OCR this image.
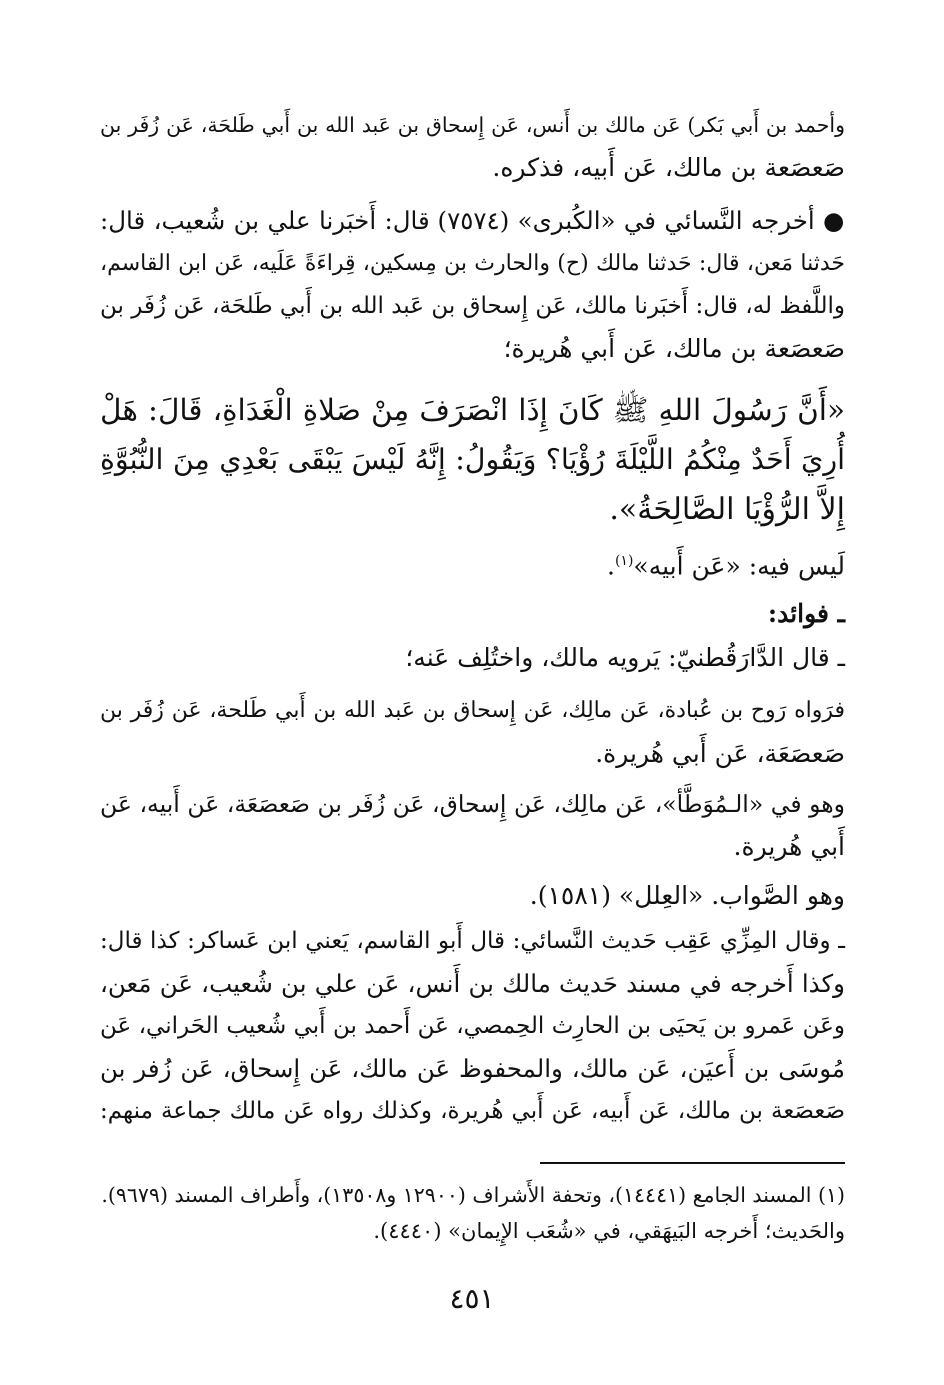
وأحمد بن أَبي بَكر) عَن مالك بن أَنس، عَن إِسحاق بن عَبد الله بن أَبي طَلحَة، عَن زُفَر بن
صَعصَعة بن مالك، عَن أَبيه، فذكره.
● أخرجه النَّسائي في «الكُبرى» (٧٥٧٤) قال: أَخبَرنا علي بن شُعيب، قال:
حَدثنا مَعن، قال: حَدثنا مالك (ح) والحارث بن مِسكين، قِراءَةً عَلَيه، عَن ابن القاسم،
واللَّفظ له، قال: أَخبَرنا مالك، عَن إِسحاق بن عَبد الله بن أَبي طَلحَة، عَن زُفَر بن
صَعصَعة بن مالك، عَن أَبي هُريرة؛
«أَنَّ رَسُولَ اللهِ ﷺ كَانَ إِذَا انْصَرَفَ مِنْ صَلاةِ الْغَدَاةِ، قَالَ: هَلْ
أُرِيَ أَحَدٌ مِنْكُمُ اللَّيْلَةَ رُؤْيَا؟ وَيَقُولُ: إِنَّهُ لَيْسَ يَبْقَى بَعْدِي مِنَ النُّبُوَّةِ
إِلاَّ الرُّؤْيَا الصَّالِحَةُ».
لَيس فيه: «عَن أَبيه»$^{(١)}$.
ـ فوائد:
ـ قال الدَّارَقُطنيّ: يَرويه مالك، واختُلِف عَنه؛
فرَواه رَوح بن عُبادة، عَن مالِك، عَن إِسحاق بن عَبد الله بن أَبي طَلحة، عَن زُفَر بن
صَعصَعَة، عَن أَبي هُريرة.
وهو في «الـمُوَطَّأ»، عَن مالِك، عَن إِسحاق، عَن زُفَر بن صَعصَعَة، عَن أَبيه، عَن
أَبي هُريرة.
وهو الصَّواب. «العِلل» (١٥٨١).
ـ وقال المِزِّي عَقِب حَديث النَّسائي: قال أَبو القاسم، يَعني ابن عَساكر: كذا قال:
وكذا أَخرجه في مسند حَديث مالك بن أَنس، عَن علي بن شُعيب، عَن مَعن،
وعَن عَمرو بن يَحيَى بن الحارِث الحِمصي، عَن أَحمد بن أَبي شُعيب الحَراني، عَن
مُوسَى بن أَعيَن، عَن مالك، والمحفوظ عَن مالك، عَن إِسحاق، عَن زُفر بن
صَعصَعة بن مالك، عَن أَبيه، عَن أَبي هُريرة، وكذلك رواه عَن مالك جماعة منهم:
(١) المسند الجامع (١٤٤٤١)، وتحفة الأَشراف (١٢٩٠٠ و١٣٥٠٨)، وأَطراف المسند (٩٦٧٩).
والحَديث؛ أَخرجه البَيهَقي، في «شُعَب الإِيمان» (٤٤٤٠).
٤٥١
